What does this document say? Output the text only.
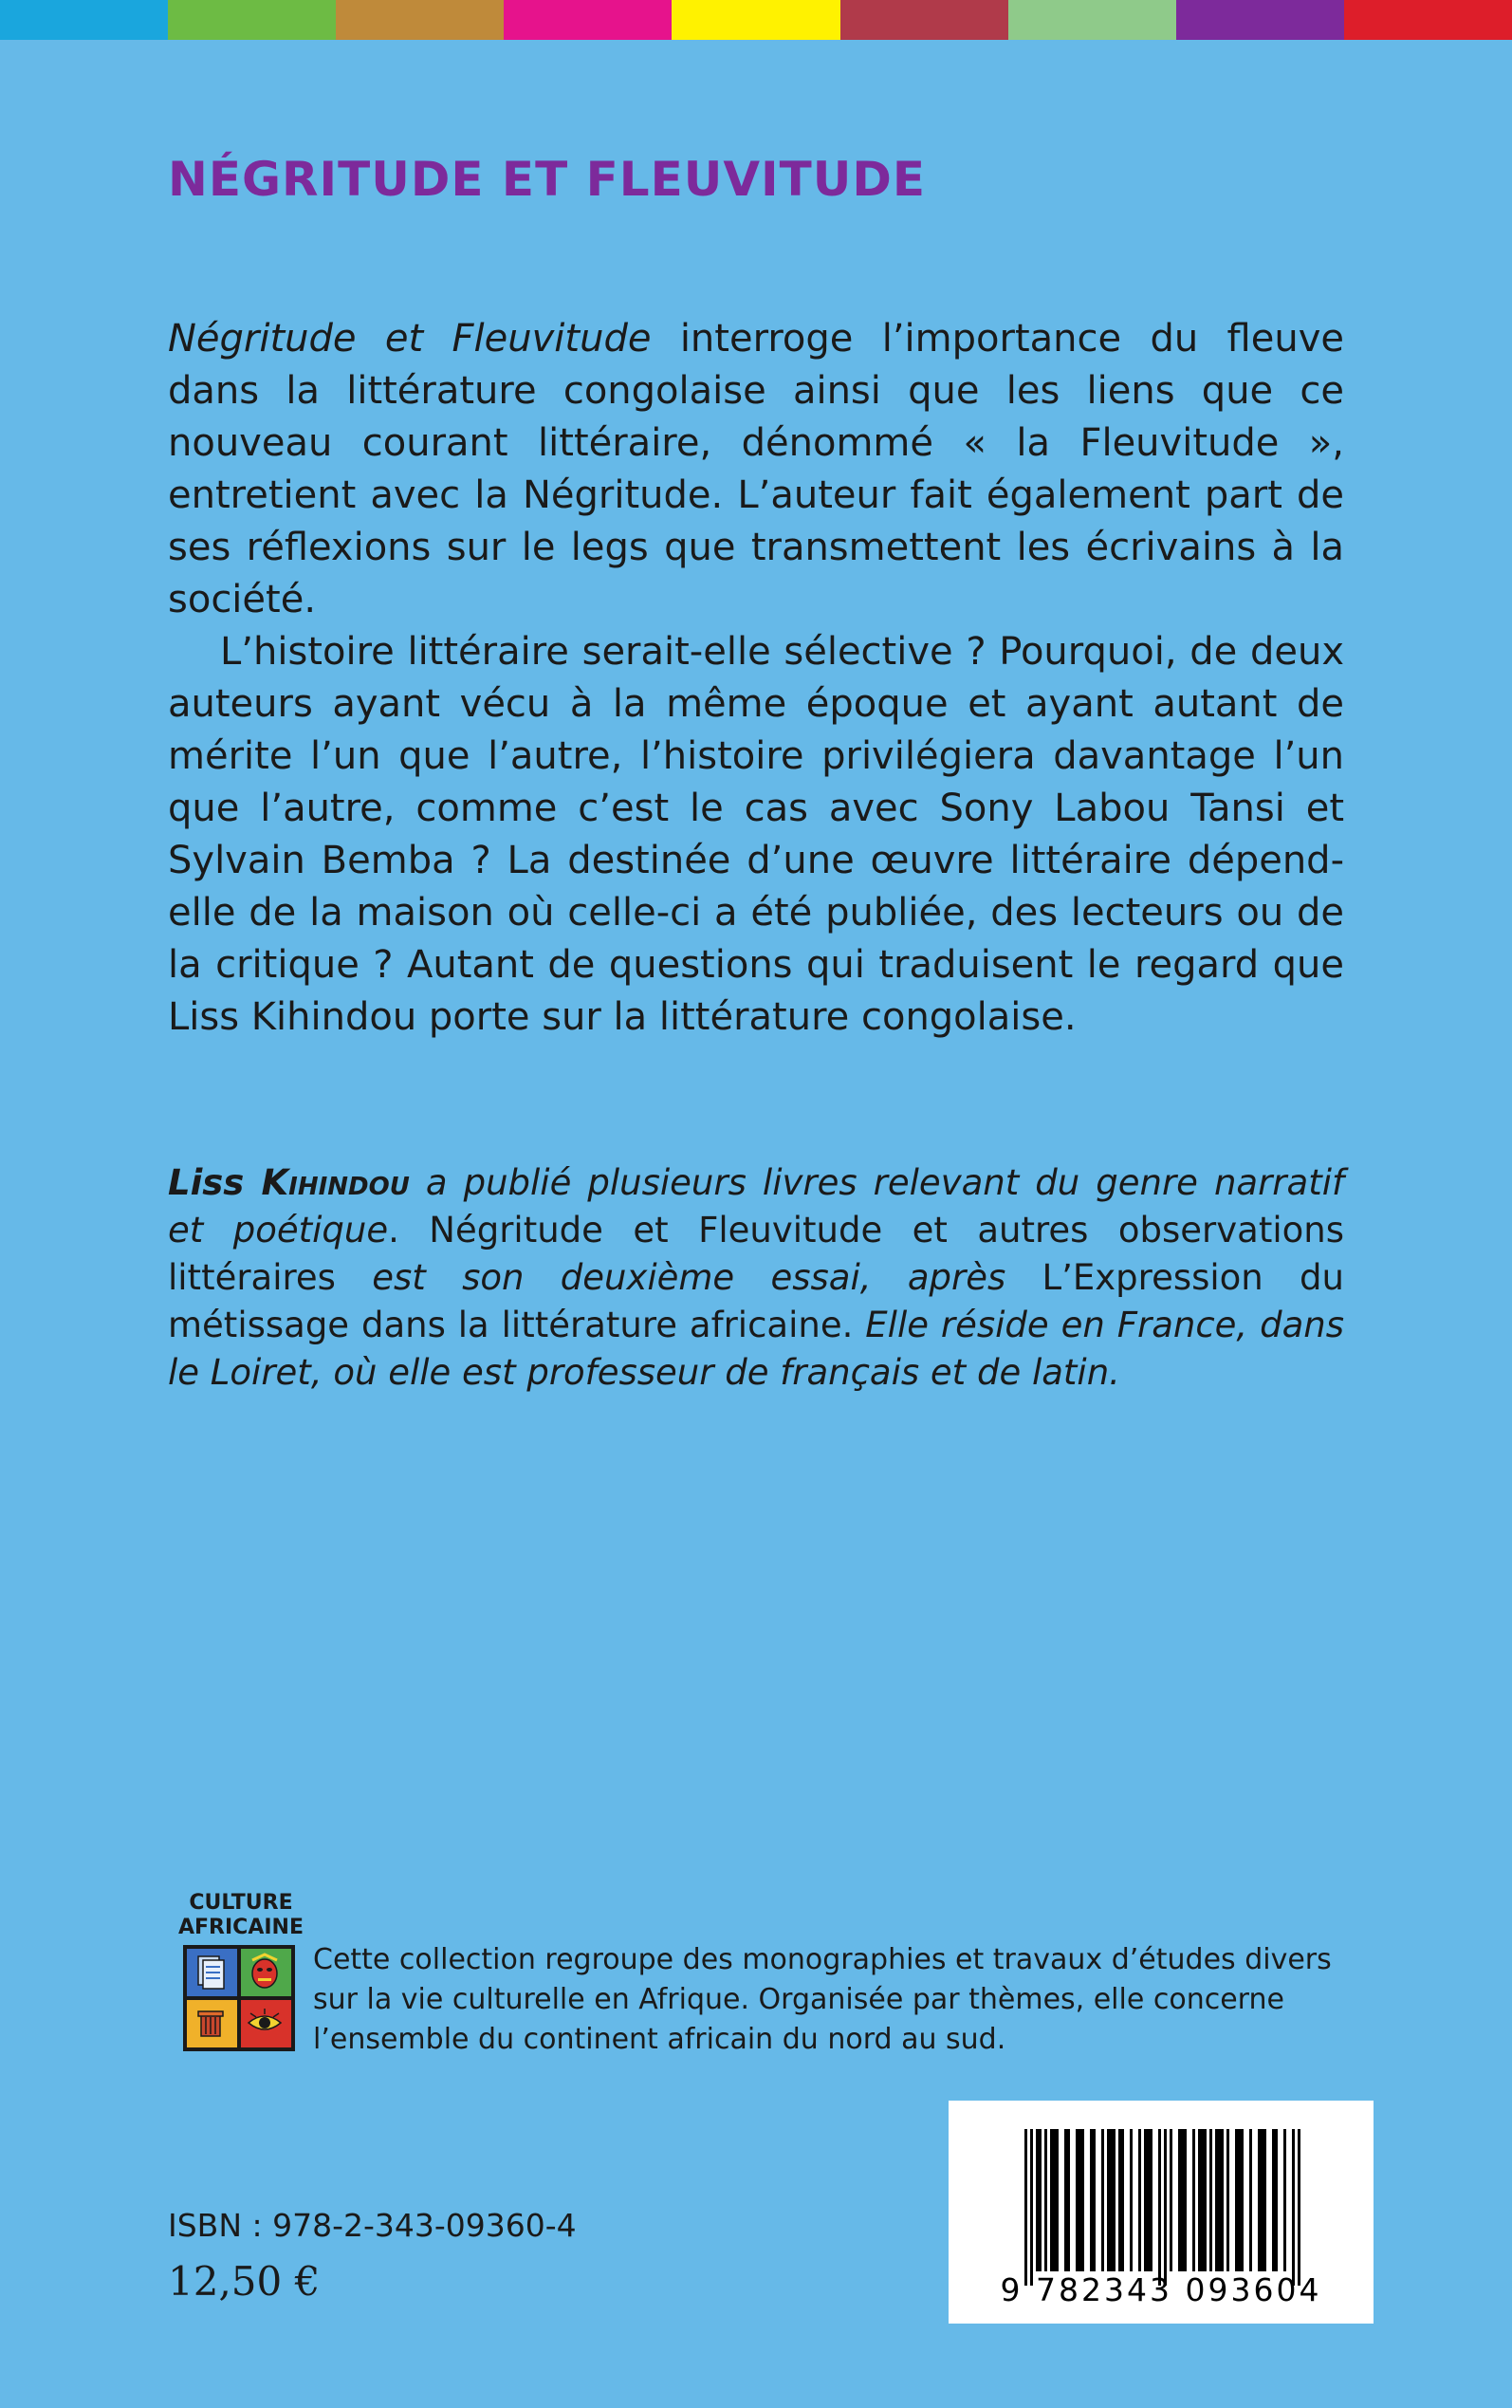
NÉGRITUDE ET FLEUVITUDE

Négritude et Fleuvitude interroge l’importance du fleuve dans la littérature congolaise ainsi que les liens que ce nouveau courant littéraire, dénommé « la Fleuvitude », entretient avec la Négritude. L’auteur fait également part de ses réflexions sur le legs que transmettent les écrivains à la société.

L’histoire littéraire serait-elle sélective ? Pourquoi, de deux auteurs ayant vécu à la même époque et ayant autant de mérite l’un que l’autre, l’histoire privilégiera davantage l’un que l’autre, comme c’est le cas avec Sony Labou Tansi et Sylvain Bemba ? La destinée d’une œuvre littéraire dépend-elle de la maison où celle-ci a été publiée, des lecteurs ou de la critique ? Autant de questions qui traduisent le regard que Liss Kihindou porte sur la littérature congolaise.

Liss Kihindou a publié plusieurs livres relevant du genre narratif et poétique. Négritude et Fleuvitude et autres observations littéraires est son deuxième essai, après L’Expression du métissage dans la littérature africaine. Elle réside en France, dans le Loiret, où elle est professeur de français et de latin.

CULTURE
AFRICAINE

Cette collection regroupe des monographies et travaux d’études divers sur la vie culturelle en Afrique. Organisée par thèmes, elle concerne l’ensemble du continent africain du nord au sud.

ISBN : 978-2-343-09360-4

12,50 €	9 782343 093604
